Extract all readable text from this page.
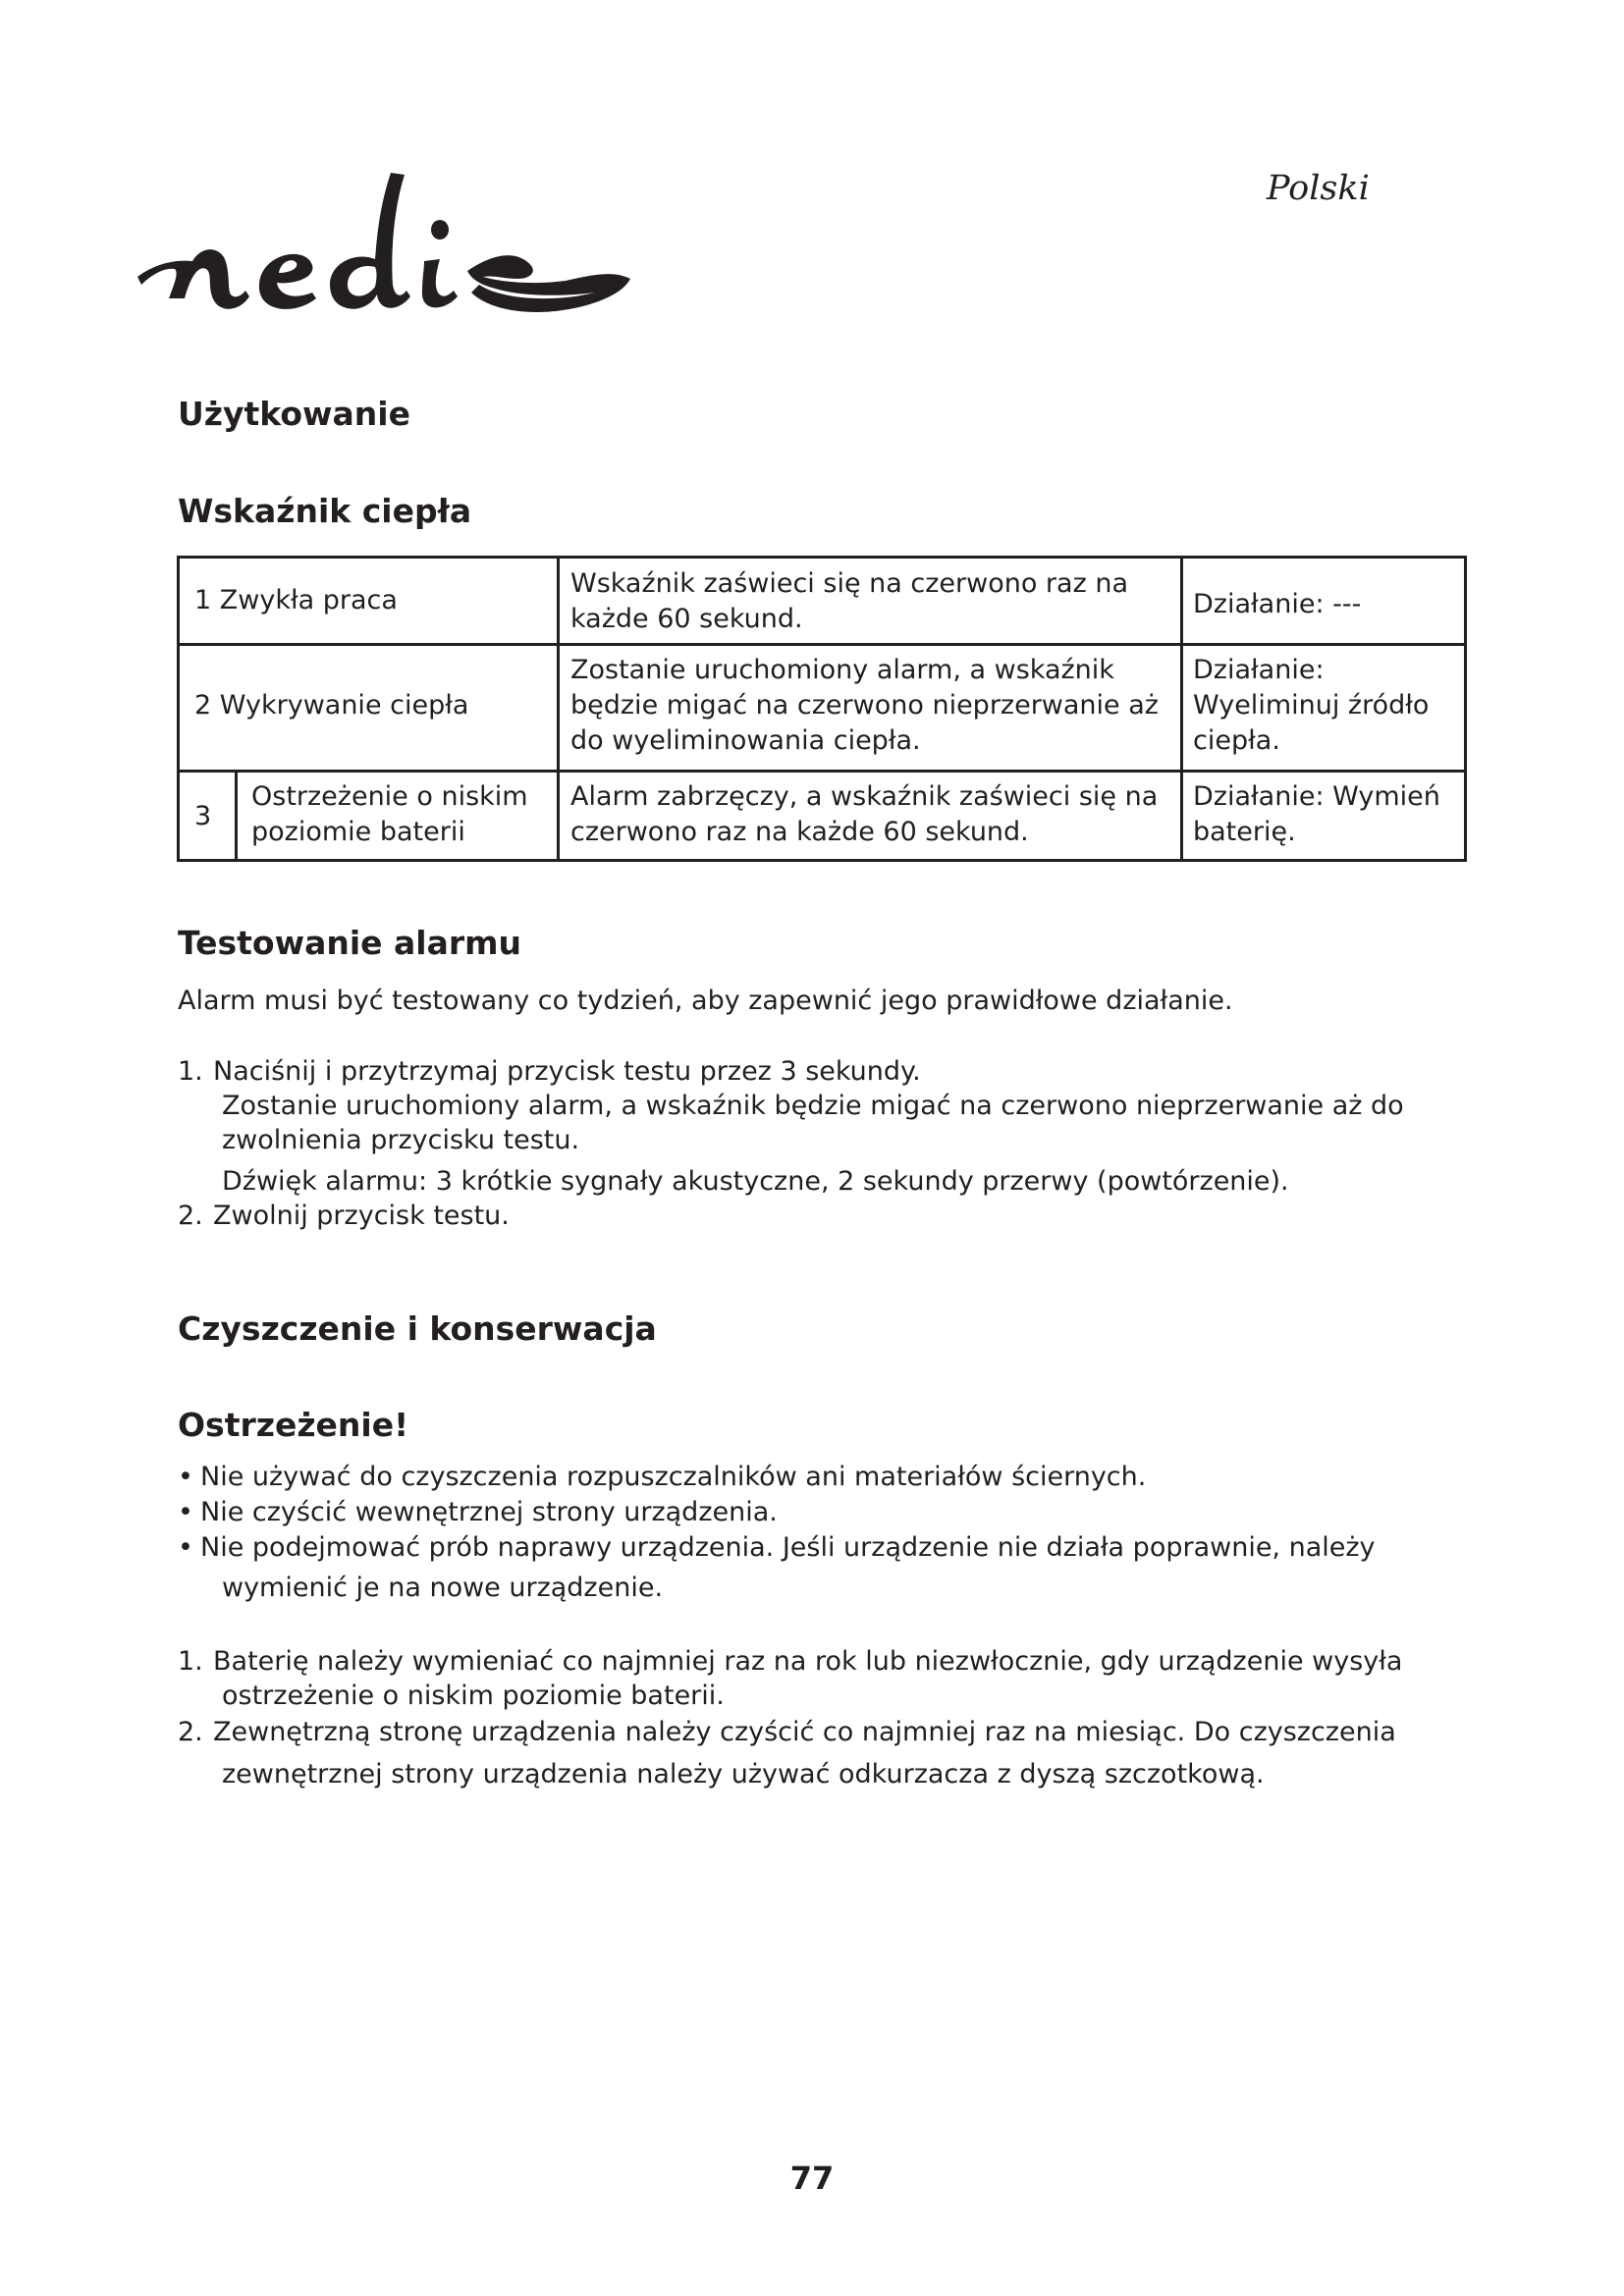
Polski
Użytkowanie
Wskaźnik ciepła
1 Zwykła praca
Wskaźnik zaświeci się na czerwono raz na
każde 60 sekund.	Działanie: ---
2 Wykrywanie ciepła
Zostanie uruchomiony alarm, a wskaźnik
będzie migać na czerwono nieprzerwanie aż
do wyeliminowania ciepła.
Działanie:
Wyeliminuj źródło
ciepła.
3
Ostrzeżenie o niskim
poziomie baterii
Alarm zabrzęczy, a wskaźnik zaświeci się na
czerwono raz na każde 60 sekund.
Działanie: Wymień
baterię.
Testowanie alarmu
Alarm musi być testowany co tydzień, aby zapewnić jego prawidłowe działanie.
1. Naciśnij i przytrzymaj przycisk testu przez 3 sekundy.
Zostanie uruchomiony alarm, a wskaźnik będzie migać na czerwono nieprzerwanie aż do
zwolnienia przycisku testu.
Dźwięk alarmu: 3 krótkie sygnały akustyczne, 2 sekundy przerwy (powtórzenie).
2. Zwolnij przycisk testu.
Czyszczenie i konserwacja
Ostrzeżenie!
• Nie używać do czyszczenia rozpuszczalników ani materiałów ściernych.
• Nie czyścić wewnętrznej strony urządzenia.
• Nie podejmować prób naprawy urządzenia. Jeśli urządzenie nie działa poprawnie, należy
wymienić je na nowe urządzenie.
1. Baterię należy wymieniać co najmniej raz na rok lub niezwłocznie, gdy urządzenie wysyła
ostrzeżenie o niskim poziomie baterii.
2. Zewnętrzną stronę urządzenia należy czyścić co najmniej raz na miesiąc. Do czyszczenia
zewnętrznej strony urządzenia należy używać odkurzacza z dyszą szczotkową.
77
